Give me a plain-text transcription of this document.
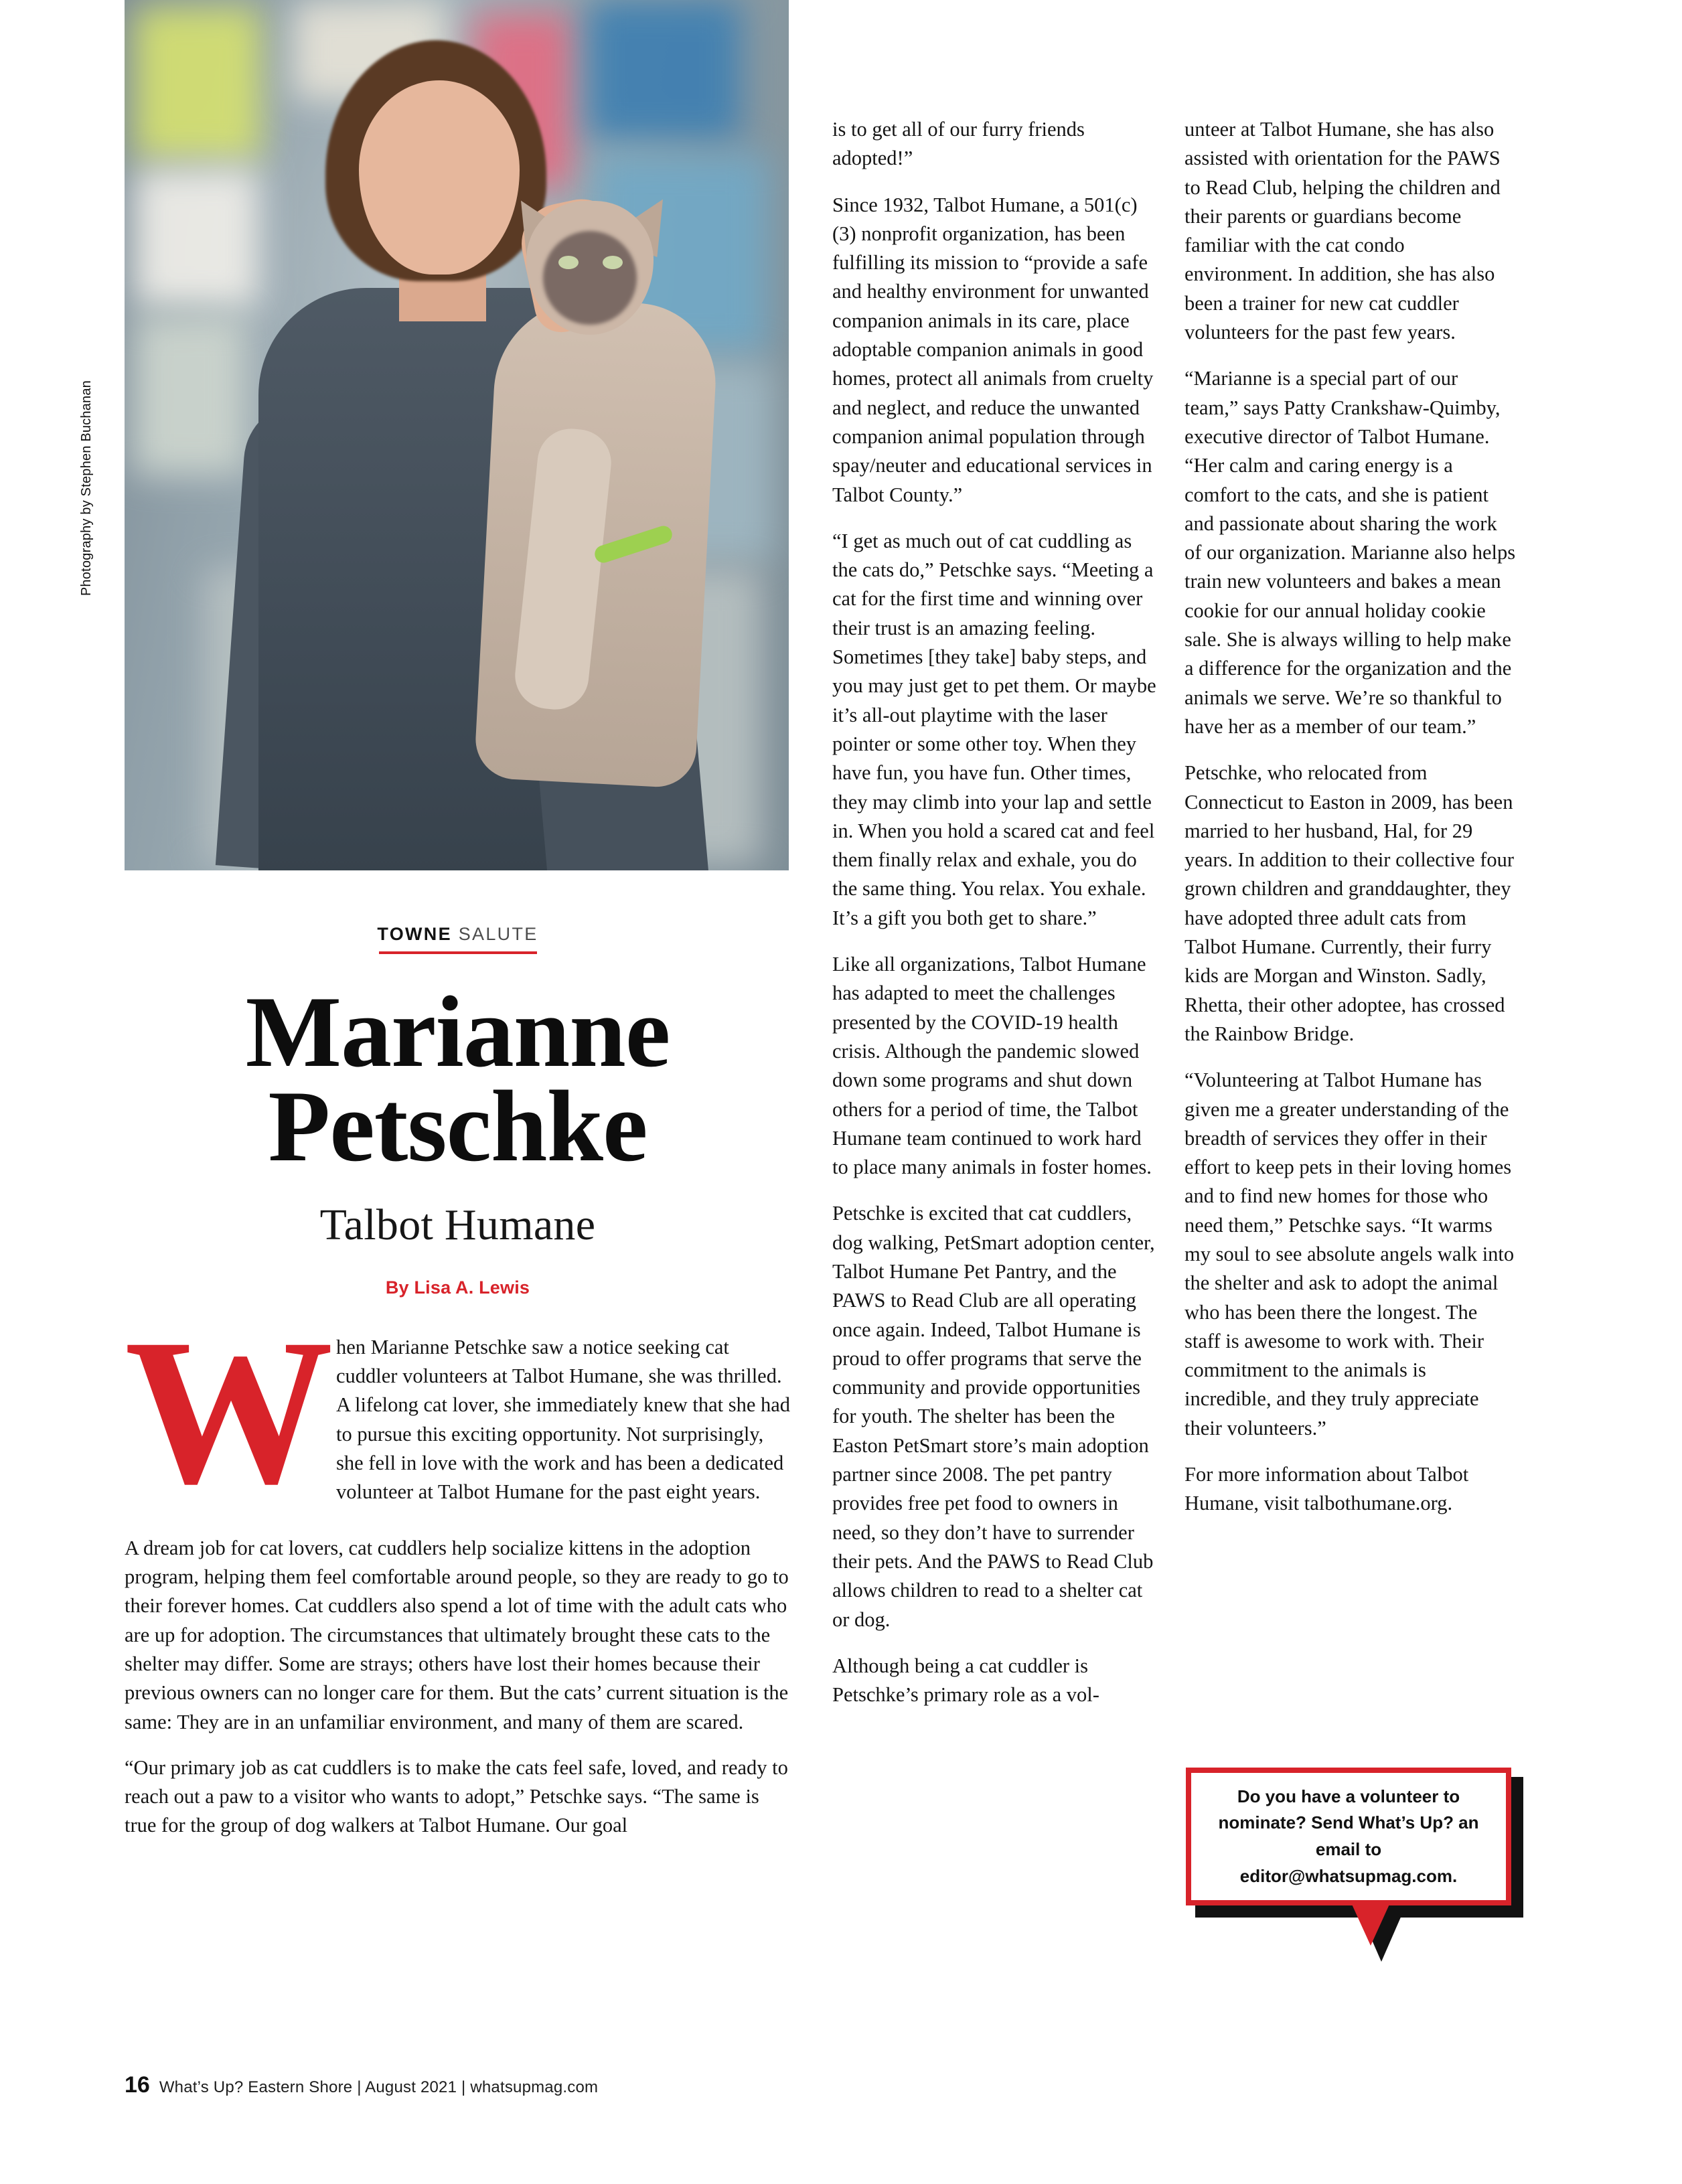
Photography by Stephen Buchanan
TOWNE SALUTE
Marianne
Petschke
Talbot Humane
By Lisa A. Lewis
W hen Marianne Petschke saw a notice seeking cat cuddler volunteers at Talbot Humane, she was thrilled. A lifelong cat lover, she immediately knew that she had to pursue this exciting opportunity. Not surprisingly, she fell in love with the work and has been a dedicated volunteer at Talbot Humane for the past eight years.

A dream job for cat lovers, cat cuddlers help socialize kittens in the adoption program, helping them feel comfortable around people, so they are ready to go to their forever homes. Cat cuddlers also spend a lot of time with the adult cats who are up for adoption. The circumstances that ultimately brought these cats to the shelter may differ. Some are strays; others have lost their homes because their previous owners can no longer care for them. But the cats’ current situation is the same: They are in an unfamiliar environment, and many of them are scared.

“Our primary job as cat cuddlers is to make the cats feel safe, loved, and ready to reach out a paw to a visitor who wants to adopt,” Petschke says. “The same is true for the group of dog walkers at Talbot Humane. Our goal

is to get all of our furry friends adopted!”

Since 1932, Talbot Humane, a 501(c)(3) nonprofit organization, has been fulfilling its mission to “provide a safe and healthy environment for unwanted companion animals in its care, place adoptable companion animals in good homes, protect all animals from cruelty and neglect, and reduce the unwanted companion animal population through spay/neuter and educational services in Talbot County.”

“I get as much out of cat cuddling as the cats do,” Petschke says. “Meeting a cat for the first time and winning over their trust is an amazing feeling. Sometimes [they take] baby steps, and you may just get to pet them. Or maybe it’s all-out playtime with the laser pointer or some other toy. When they have fun, you have fun. Other times, they may climb into your lap and settle in. When you hold a scared cat and feel them finally relax and exhale, you do the same thing. You relax. You exhale. It’s a gift you both get to share.”

Like all organizations, Talbot Humane has adapted to meet the challenges presented by the COVID-19 health crisis. Although the pandemic slowed down some programs and shut down others for a period of time, the Talbot Humane team continued to work hard to place many animals in foster homes.

Petschke is excited that cat cuddlers, dog walking, PetSmart adoption center, Talbot Humane Pet Pantry, and the PAWS to Read Club are all operating once again. Indeed, Talbot Humane is proud to offer programs that serve the community and provide opportunities for youth. The shelter has been the Easton PetSmart store’s main adoption partner since 2008. The pet pantry provides free pet food to owners in need, so they don’t have to surrender their pets. And the PAWS to Read Club allows children to read to a shelter cat or dog.

Although being a cat cuddler is Petschke’s primary role as a vol-

unteer at Talbot Humane, she has also assisted with orientation for the PAWS to Read Club, helping the children and their parents or guardians become familiar with the cat condo environment. In addition, she has also been a trainer for new cat cuddler volunteers for the past few years.

“Marianne is a special part of our team,” says Patty Crankshaw-Quimby, executive director of Talbot Humane. “Her calm and caring energy is a comfort to the cats, and she is patient and passionate about sharing the work of our organization. Marianne also helps train new volunteers and bakes a mean cookie for our annual holiday cookie sale. She is always willing to help make a difference for the organization and the animals we serve. We’re so thankful to have her as a member of our team.”

Petschke, who relocated from Connecticut to Easton in 2009, has been married to her husband, Hal, for 29 years. In addition to their collective four grown children and granddaughter, they have adopted three adult cats from Talbot Humane. Currently, their furry kids are Morgan and Winston. Sadly, Rhetta, their other adoptee, has crossed the Rainbow Bridge.

“Volunteering at Talbot Humane has given me a greater understanding of the breadth of services they offer in their effort to keep pets in their loving homes and to find new homes for those who need them,” Petschke says. “It warms my soul to see absolute angels walk into the shelter and ask to adopt the animal who has been there the longest. The staff is awesome to work with. Their commitment to the animals is incredible, and they truly appreciate their volunteers.”

For more information about Talbot Humane, visit talbothumane.org.

Do you have a volunteer to nominate? Send What’s Up? an email to editor@whatsupmag.com.
16 What’s Up? Eastern Shore | August 2021 | whatsupmag.com
